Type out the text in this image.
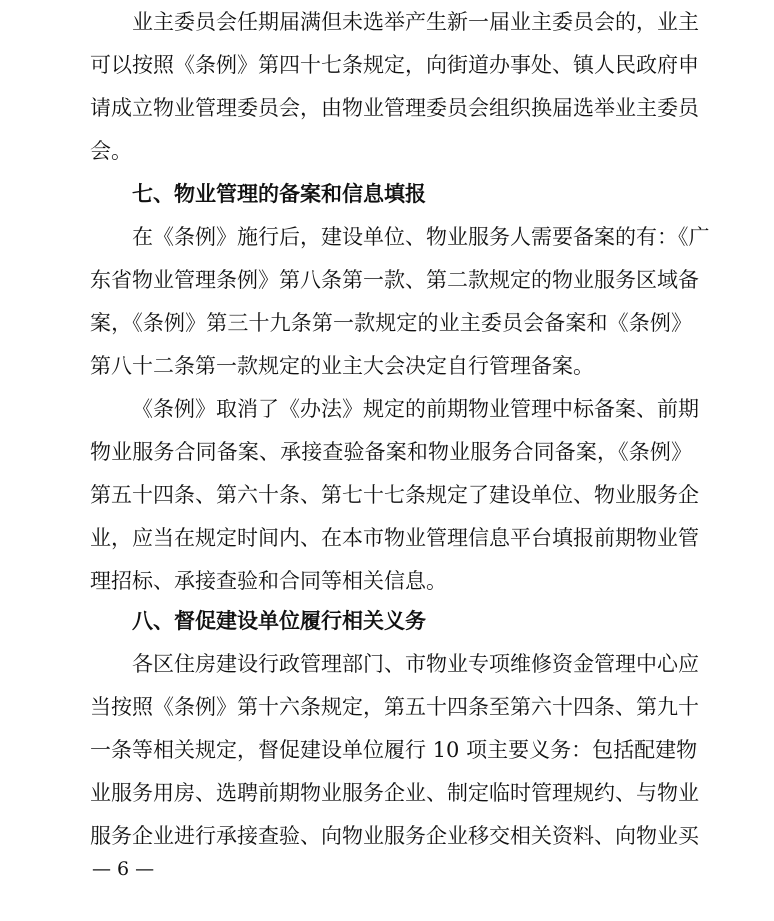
业主委员会任期届满但未选举产生新一届业主委员会的，业主
可以按照《条例》第四十七条规定，向街道办事处、镇人民政府申
请成立物业管理委员会，由物业管理委员会组织换届选举业主委员
会。
七、物业管理的备案和信息填报
在《条例》施行后，建设单位、物业服务人需要备案的有：《广
东省物业管理条例》第八条第一款、第二款规定的物业服务区域备
案，《条例》第三十九条第一款规定的业主委员会备案和《条例》
第八十二条第一款规定的业主大会决定自行管理备案。
《条例》取消了《办法》规定的前期物业管理中标备案、前期
物业服务合同备案、承接查验备案和物业服务合同备案，《条例》
第五十四条、第六十条、第七十七条规定了建设单位、物业服务企
业，应当在规定时间内、在本市物业管理信息平台填报前期物业管
理招标、承接查验和合同等相关信息。
八、督促建设单位履行相关义务
各区住房建设行政管理部门、市物业专项维修资金管理中心应
当按照《条例》第十六条规定，第五十四条至第六十四条、第九十
一条等相关规定，督促建设单位履行 10 项主要义务：包括配建物
业服务用房、选聘前期物业服务企业、制定临时管理规约、与物业
服务企业进行承接查验、向物业服务企业移交相关资料、向物业买
— 6 —
